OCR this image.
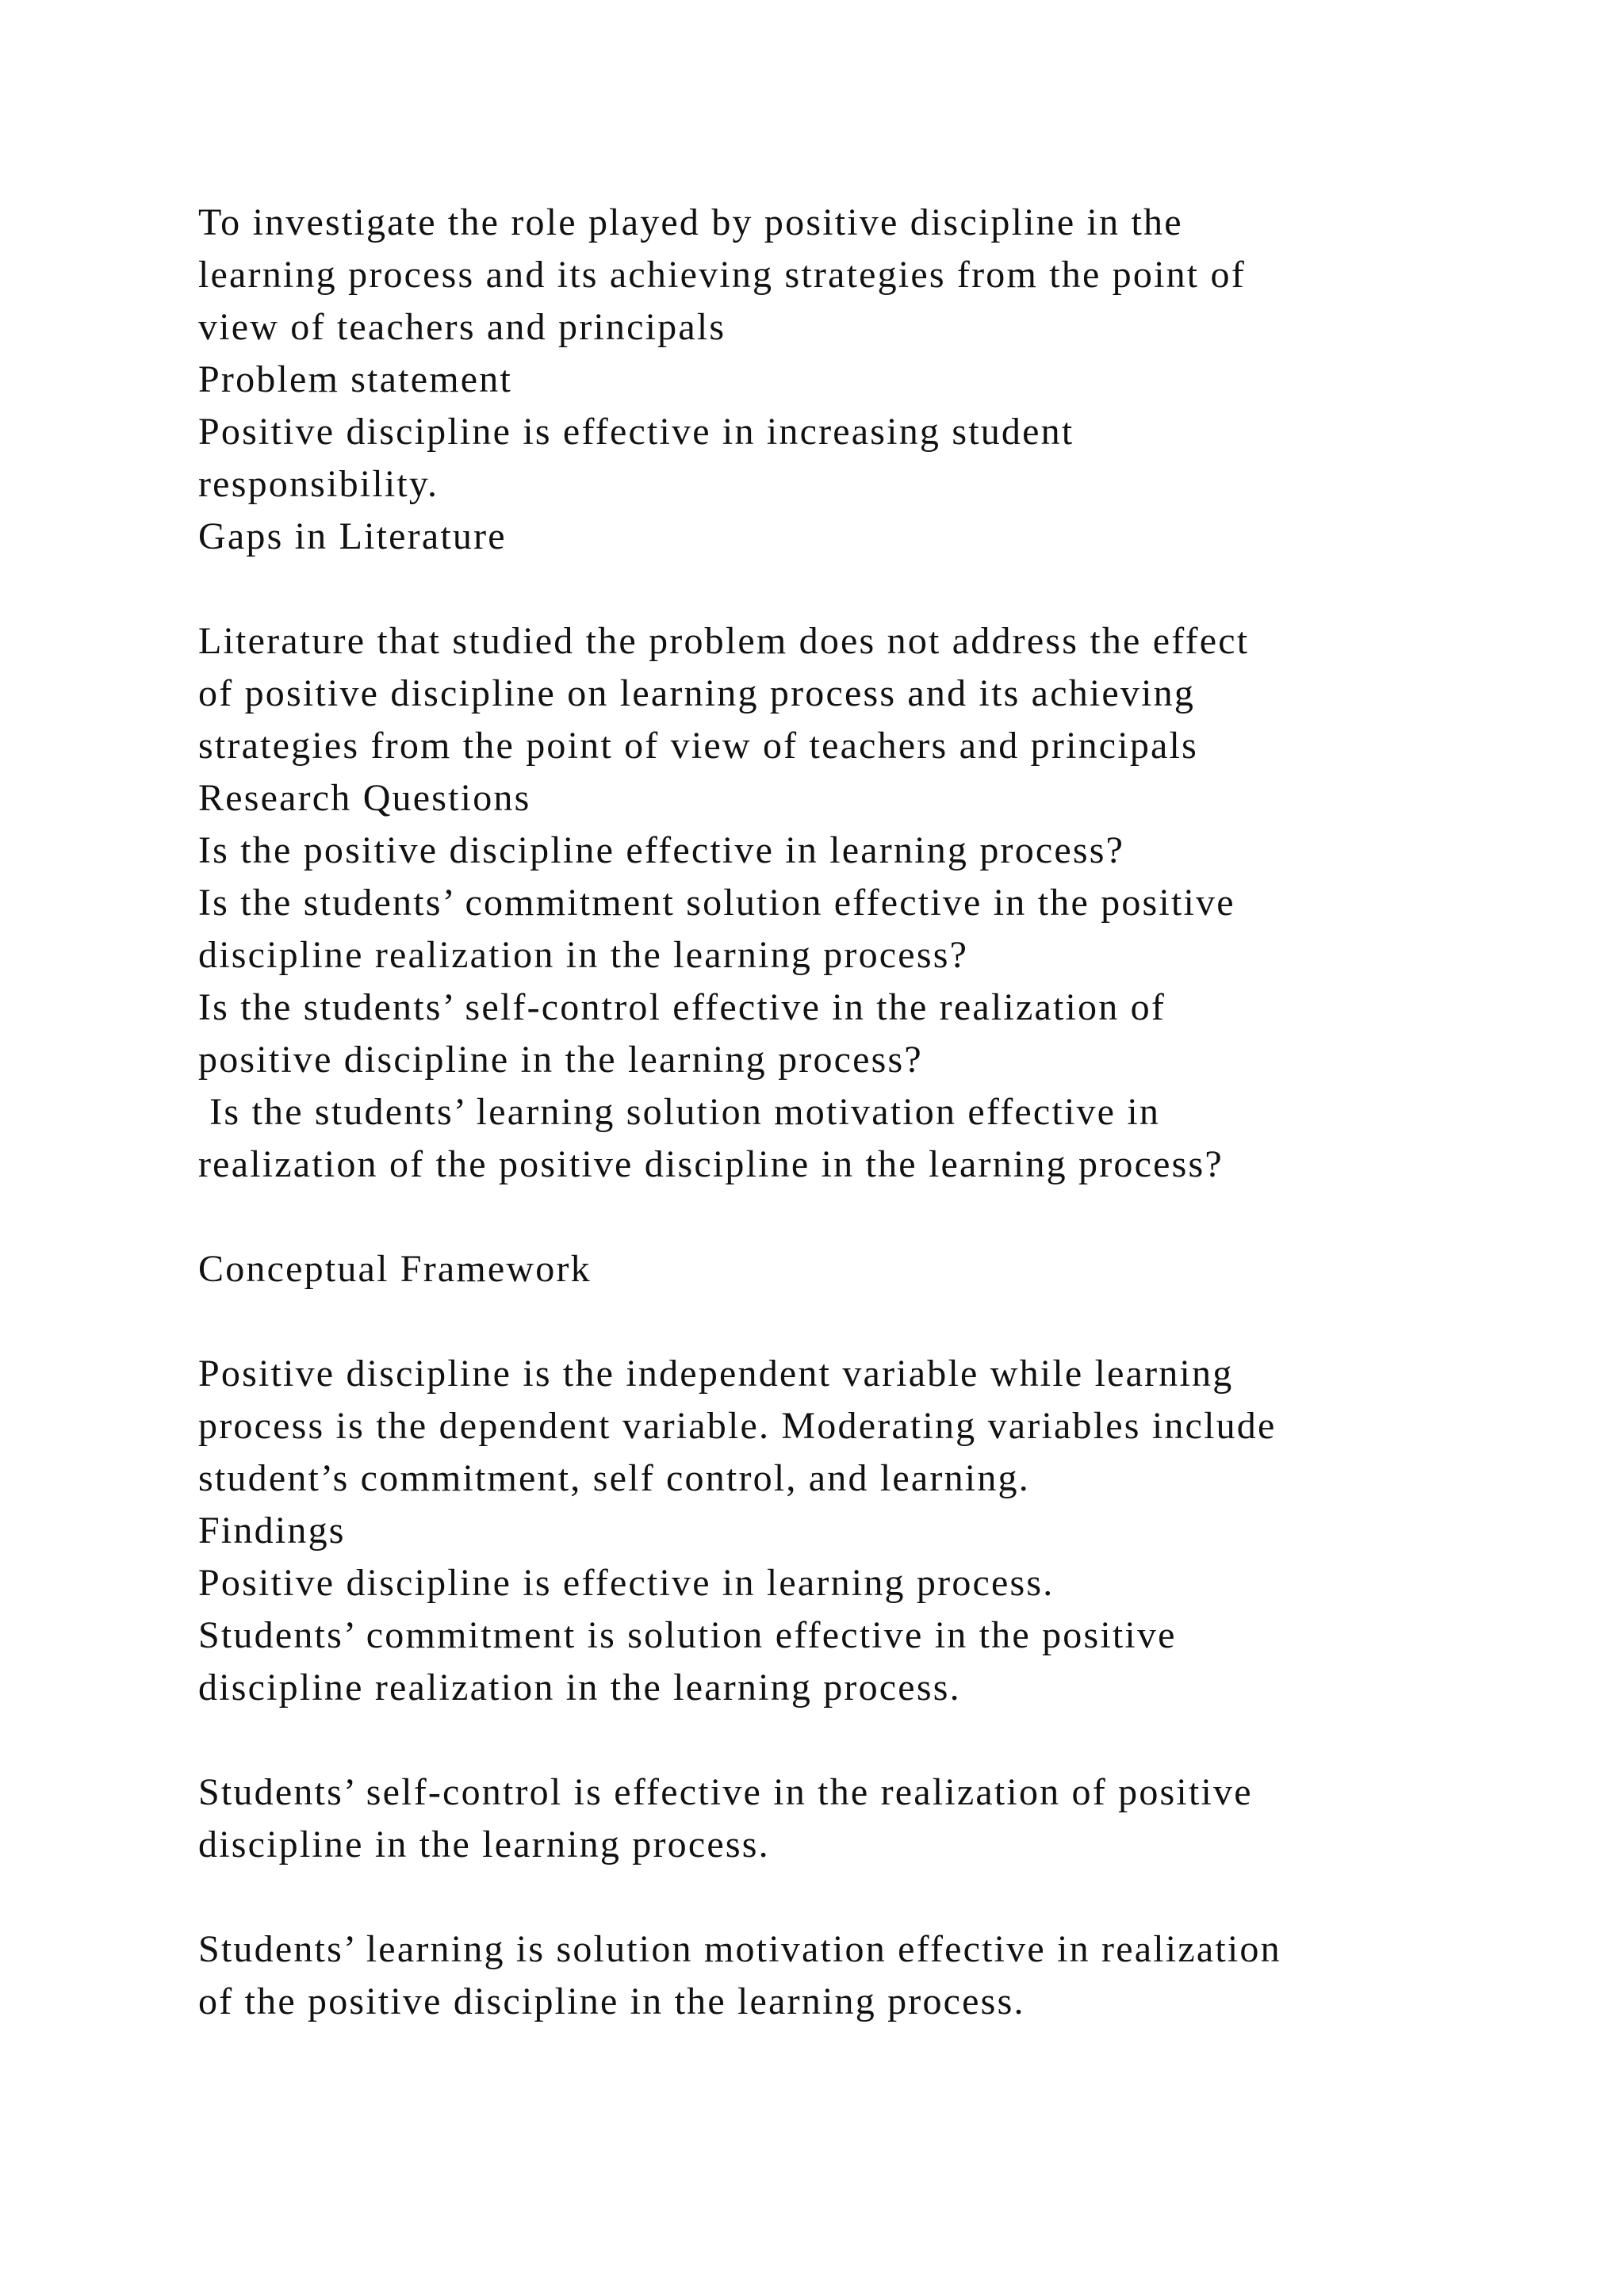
To investigate the role played by positive discipline in the
learning process and its achieving strategies from the point of
view of teachers and principals
Problem statement
Positive discipline is effective in increasing student
responsibility.
Gaps in Literature
Literature that studied the problem does not address the effect
of positive discipline on learning process and its achieving
strategies from the point of view of teachers and principals
Research Questions
Is the positive discipline effective in learning process?
Is the students’ commitment solution effective in the positive
discipline realization in the learning process?
Is the students’ self-control effective in the realization of
positive discipline in the learning process?
Is the students’ learning solution motivation effective in
realization of the positive discipline in the learning process?
Conceptual Framework
Positive discipline is the independent variable while learning
process is the dependent variable. Moderating variables include
student’s commitment, self control, and learning.
Findings
Positive discipline is effective in learning process.
Students’ commitment is solution effective in the positive
discipline realization in the learning process.
Students’ self-control is effective in the realization of positive
discipline in the learning process.
Students’ learning is solution motivation effective in realization
of the positive discipline in the learning process.
